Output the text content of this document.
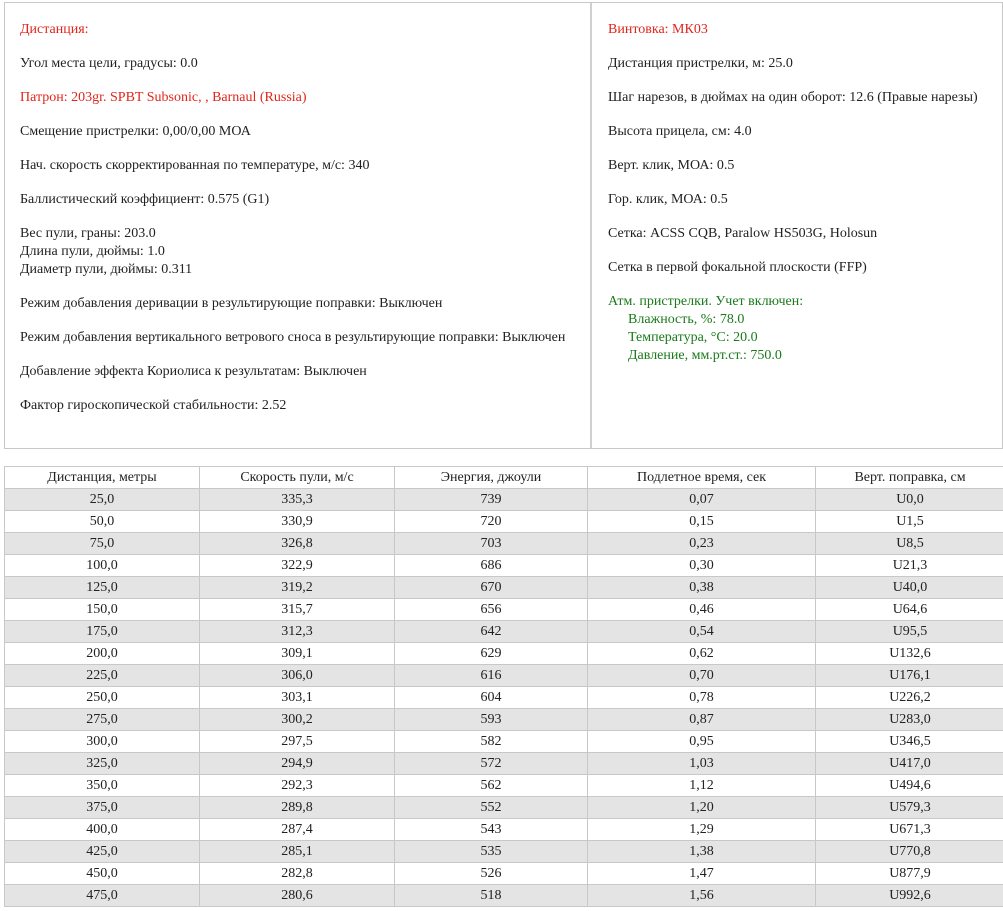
Дистанция:

Угол места цели, градусы: 0.0

Патрон: 203gr. SPBT Subsonic, , Barnaul (Russia)

Смещение пристрелки: 0,00/0,00 МОА

Нач. скорость скорректированная по температуре, м/с: 340

Баллистический коэффициент: 0.575 (G1)

Вес пули, граны: 203.0
Длина пули, дюймы: 1.0
Диаметр пули, дюймы: 0.311

Режим добавления деривации в результирующие поправки: Выключен

Режим добавления вертикального ветрового сноса в результирующие поправки: Выключен

Добавление эффекта Кориолиса к результатам: Выключен

Фактор гироскопической стабильности: 2.52

Винтовка: МК03

Дистанция пристрелки, м: 25.0

Шаг нарезов, в дюймах на один оборот: 12.6 (Правые нарезы)

Высота прицела, см: 4.0

Верт. клик, МОА: 0.5

Гор. клик, МОА: 0.5

Сетка: ACSS CQB, Paralow HS503G, Holosun

Сетка в первой фокальной плоскости (FFP)

Атм. пристрелки. Учет включен:
Влажность, %: 78.0
Температура, °С: 20.0
Давление, мм.рт.ст.: 750.0

Дистанция, метры	Скорость пули, м/с	Энергия, джоули	Подлетное время, сек	Верт. поправка, см
25,0	335,3	739	0,07	U0,0
50,0	330,9	720	0,15	U1,5
75,0	326,8	703	0,23	U8,5
100,0	322,9	686	0,30	U21,3
125,0	319,2	670	0,38	U40,0
150,0	315,7	656	0,46	U64,6
175,0	312,3	642	0,54	U95,5
200,0	309,1	629	0,62	U132,6
225,0	306,0	616	0,70	U176,1
250,0	303,1	604	0,78	U226,2
275,0	300,2	593	0,87	U283,0
300,0	297,5	582	0,95	U346,5
325,0	294,9	572	1,03	U417,0
350,0	292,3	562	1,12	U494,6
375,0	289,8	552	1,20	U579,3
400,0	287,4	543	1,29	U671,3
425,0	285,1	535	1,38	U770,8
450,0	282,8	526	1,47	U877,9
475,0	280,6	518	1,56	U992,6
